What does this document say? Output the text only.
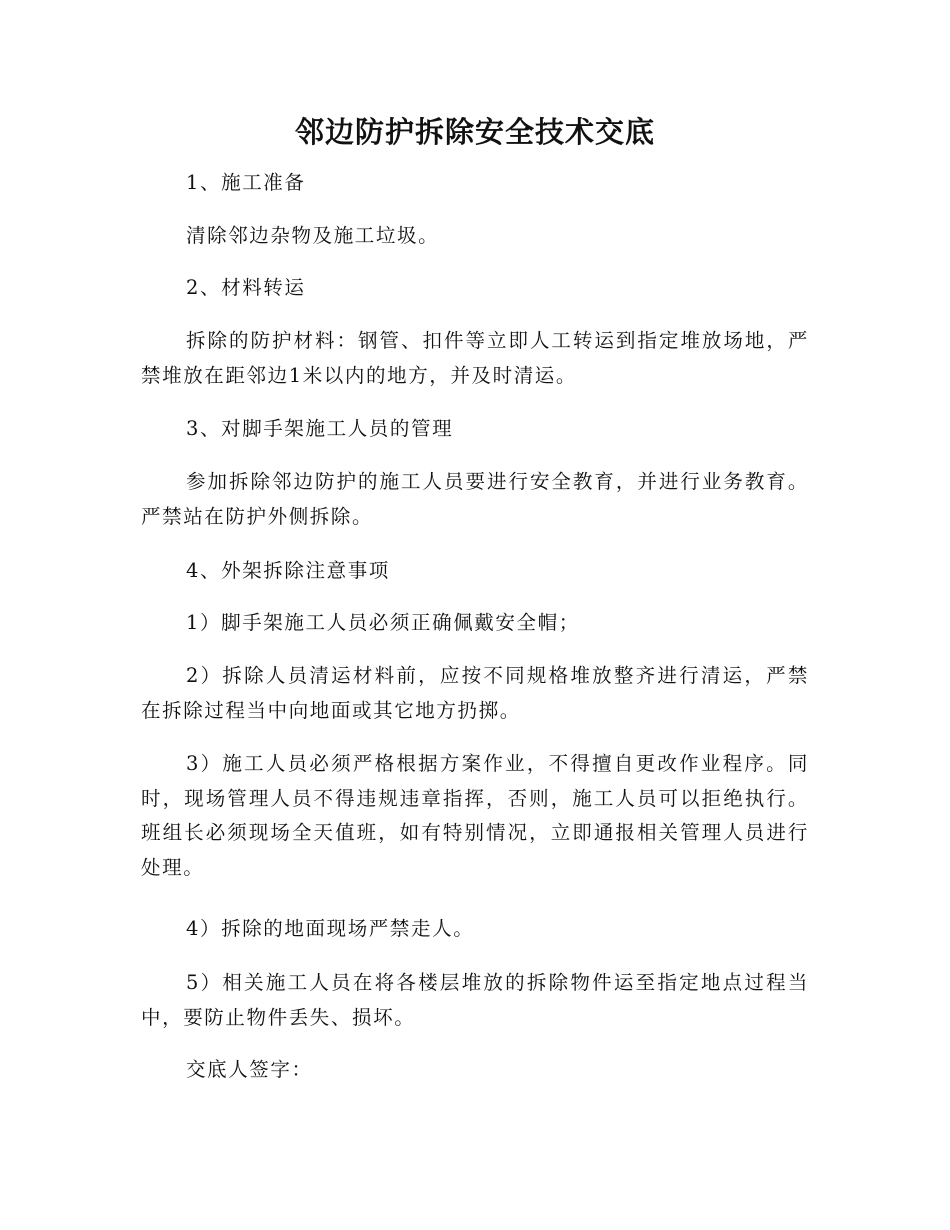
邻边防护拆除安全技术交底

1、施工准备

清除邻边杂物及施工垃圾。

2、材料转运

拆除的防护材料：钢管、扣件等立即人工转运到指定堆放场地，严禁堆放在距邻边1米以内的地方，并及时清运。

3、对脚手架施工人员的管理

参加拆除邻边防护的施工人员要进行安全教育，并进行业务教育。严禁站在防护外侧拆除。

4、外架拆除注意事项

1）脚手架施工人员必须正确佩戴安全帽；

2）拆除人员清运材料前，应按不同规格堆放整齐进行清运，严禁在拆除过程当中向地面或其它地方扔掷。

3）施工人员必须严格根据方案作业，不得擅自更改作业程序。同时，现场管理人员不得违规违章指挥，否则，施工人员可以拒绝执行。班组长必须现场全天值班，如有特别情况，立即通报相关管理人员进行处理。

4）拆除的地面现场严禁走人。

5）相关施工人员在将各楼层堆放的拆除物件运至指定地点过程当中，要防止物件丢失、损坏。

交底人签字：
